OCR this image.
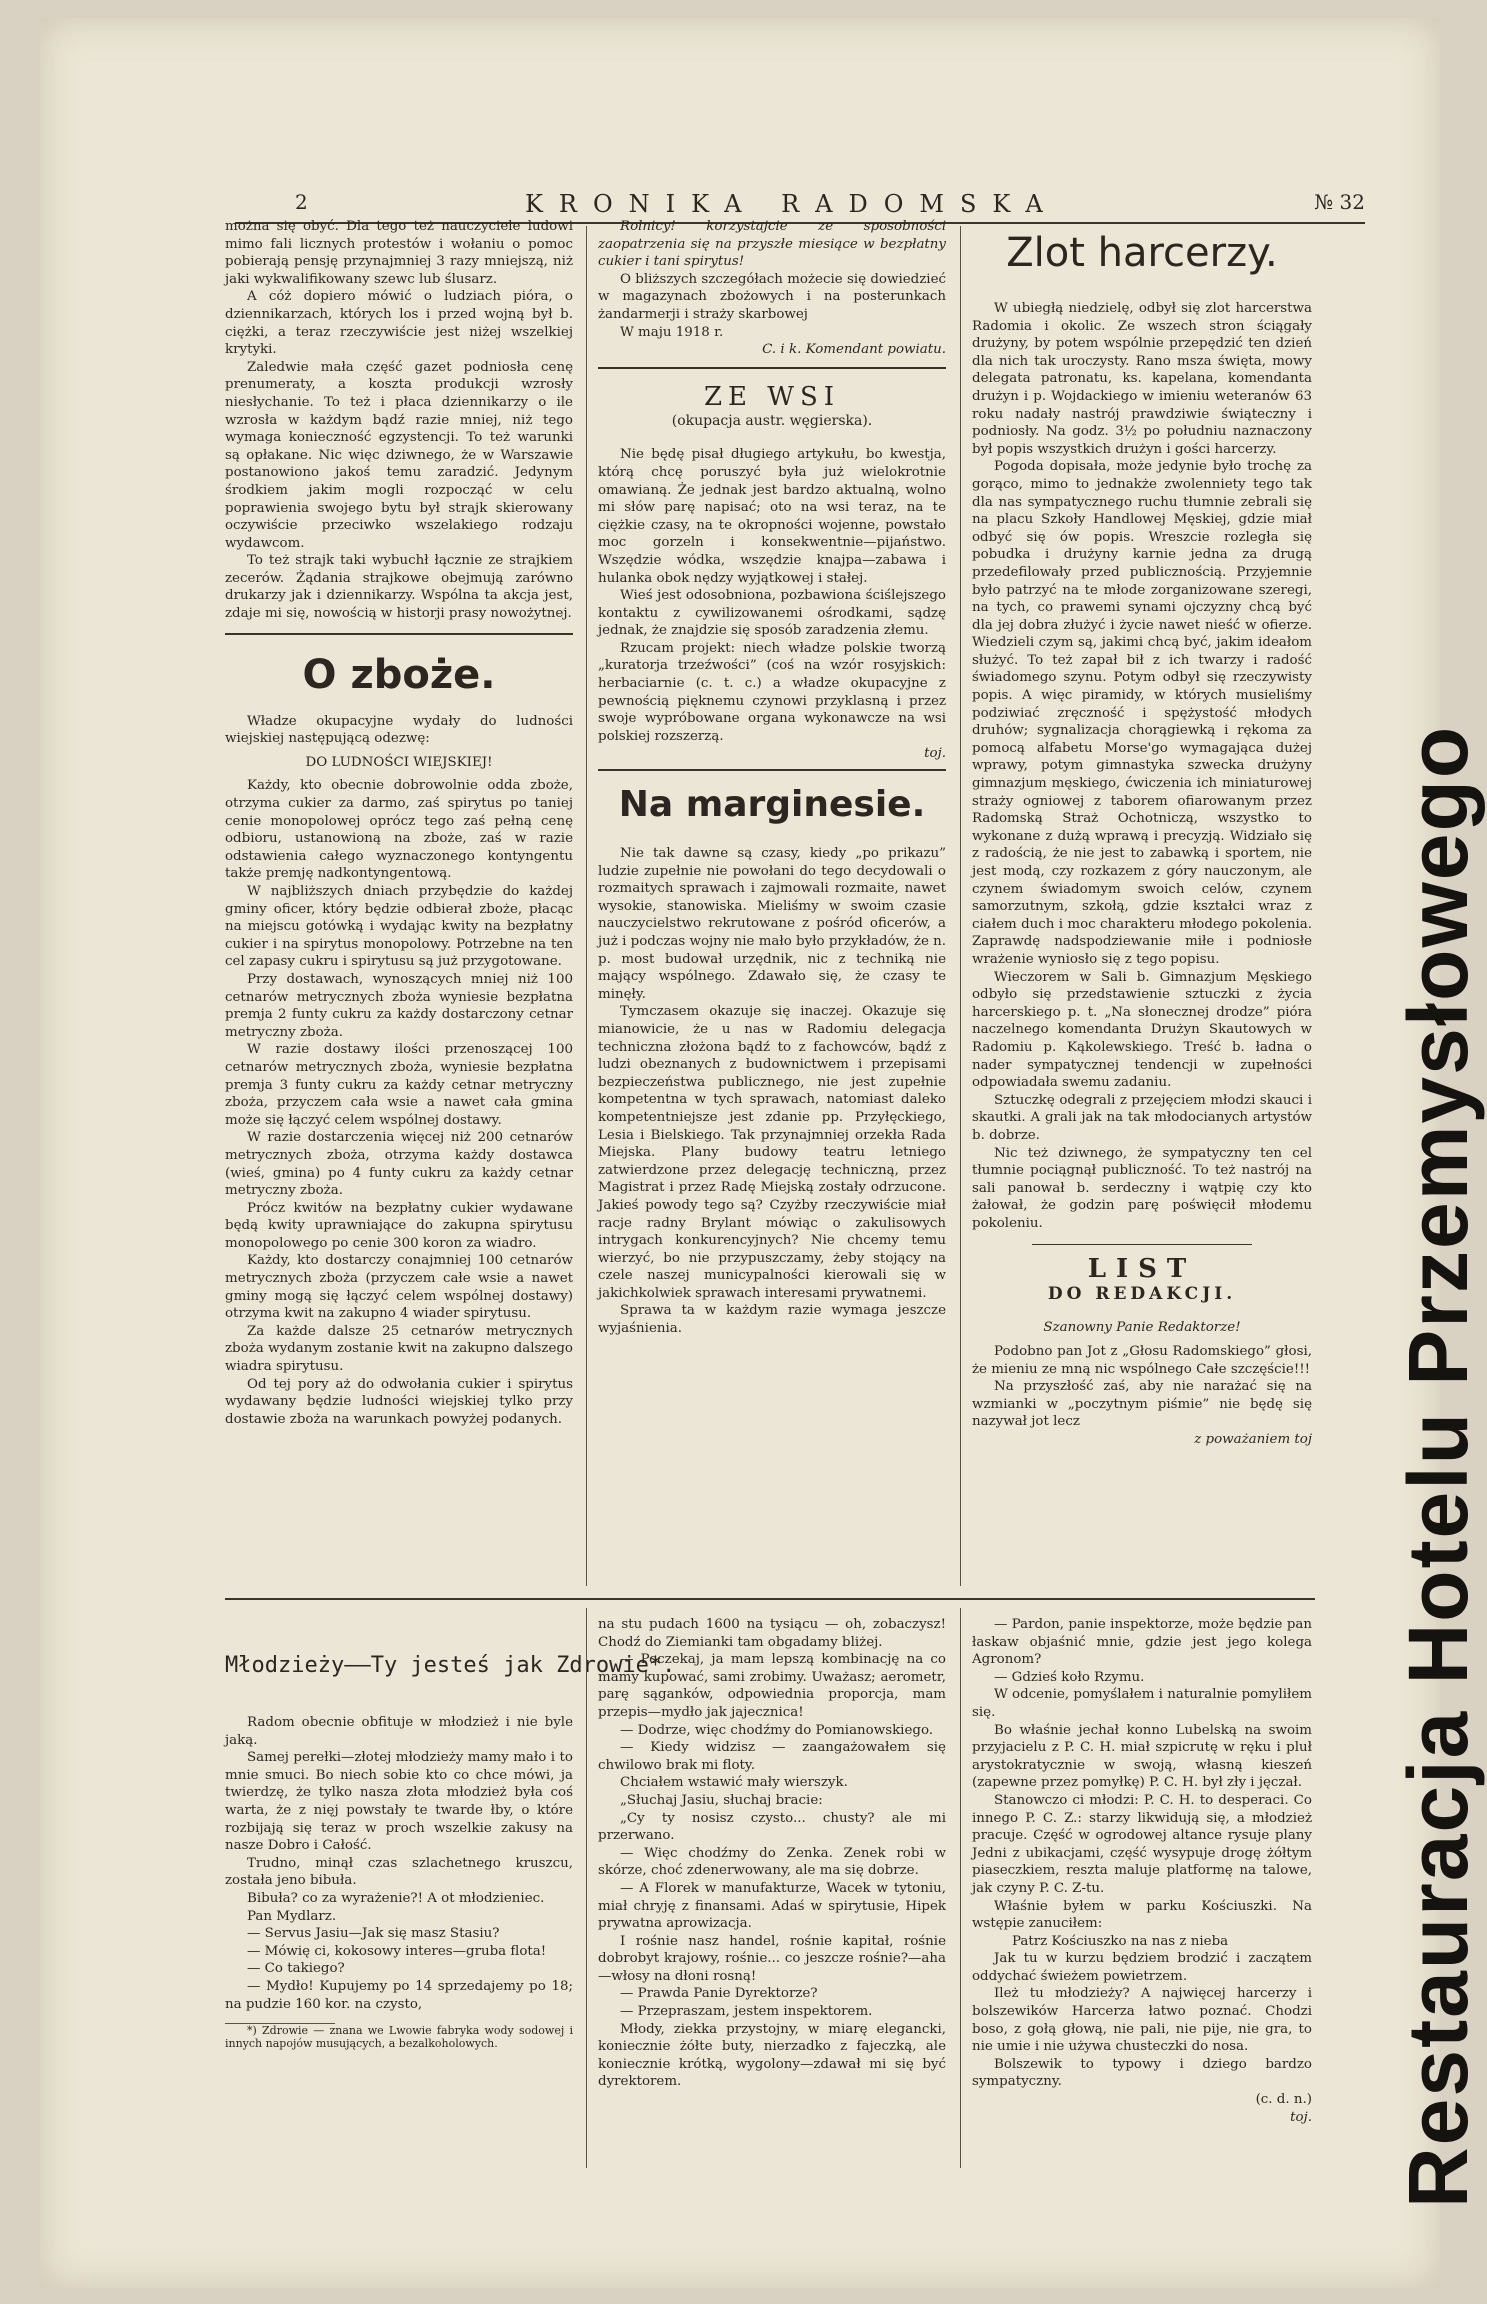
Restauracja Hotelu Przemysłowego
2	KRONIKA RADOMSKA	№ 32

można się obyć. Dla tego też nauczyciele ludowi mimo fali licznych protestów i wołaniu o pomoc pobierają pensję przynajmniej 3 razy mniejszą, niż jaki wykwalifikowany szewc lub ślusarz.

A cóż dopiero mówić o ludziach pióra, o dziennikarzach, których los i przed wojną był b. ciężki, a teraz rzeczywiście jest niżej wszelkiej krytyki.

Zaledwie mała część gazet podniosła cenę prenumeraty, a koszta produkcji wzrosły niesłychanie. To też i płaca dziennikarzy o ile wzrosła w każdym bądź razie mniej, niż tego wymaga konieczność egzystencji. To też warunki są opłakane. Nic więc dziwnego, że w Warszawie postanowiono jakoś temu zaradzić. Jedynym środkiem jakim mogli rozpocząć w celu poprawienia swojego bytu był strajk skierowany oczywiście przeciwko wszelakiego rodzaju wydawcom.

To też strajk taki wybuchł łącznie ze strajkiem zecerów. Żądania strajkowe obejmują zarówno drukarzy jak i dziennikarzy. Wspólna ta akcja jest, zdaje mi się, nowością w historji prasy nowożytnej.

O zboże.

Władze okupacyjne wydały do ludności wiejskiej następującą odezwę:

DO LUDNOŚCI WIEJSKIEJ!

Każdy, kto obecnie dobrowolnie odda zboże, otrzyma cukier za darmo, zaś spirytus po taniej cenie monopolowej oprócz tego zaś pełną cenę odbioru, ustanowioną na zboże, zaś w razie odstawienia całego wyznaczonego kontyngentu także premję nadkontyngentową.

W najbliższych dniach przybędzie do każdej gminy oficer, który będzie odbierał zboże, płacąc na miejscu gotówką i wydając kwity na bezpłatny cukier i na spirytus monopolowy. Potrzebne na ten cel zapasy cukru i spirytusu są już przygotowane.

Przy dostawach, wynoszących mniej niż 100 cetnarów metrycznych zboża wyniesie bezpłatna premja 2 funty cukru za każdy dostarczony cetnar metryczny zboża.

W razie dostawy ilości przenoszącej 100 cetnarów metrycznych zboża, wyniesie bezpłatna premja 3 funty cukru za każdy cetnar metryczny zboża, przyczem cała wsie a nawet cała gmina może się łączyć celem wspólnej dostawy.

W razie dostarczenia więcej niż 200 cetnarów metrycznych zboża, otrzyma każdy dostawca (wieś, gmina) po 4 funty cukru za każdy cetnar metryczny zboża.

Prócz kwitów na bezpłatny cukier wydawane będą kwity uprawniające do zakupna spirytusu monopolowego po cenie 300 koron za wiadro.

Każdy, kto dostarczy conajmniej 100 cetnarów metrycznych zboża (przyczem całe wsie a nawet gminy mogą się łączyć celem wspólnej dostawy) otrzyma kwit na zakupno 4 wiader spirytusu.

Za każde dalsze 25 cetnarów metrycznych zboża wydanym zostanie kwit na zakupno dalszego wiadra spirytusu.

Od tej pory aż do odwołania cukier i spirytus wydawany będzie ludności wiejskiej tylko przy dostawie zboża na warunkach powyżej podanych.

Rolnicy! korzystajcie ze sposobności zaopatrzenia się na przyszłe miesiące w bezpłatny cukier i tani spirytus!

O bliższych szczegółach możecie się dowiedzieć w magazynach zbożowych i na posterunkach żandarmerji i straży skarbowej

W maju 1918 r.

C. i k. Komendant powiatu.

ZE WSI

(okupacja austr. węgierska).

Nie będę pisał długiego artykułu, bo kwestja, którą chcę poruszyć była już wielokrotnie omawianą. Że jednak jest bardzo aktualną, wolno mi słów parę napisać; oto na wsi teraz, na te ciężkie czasy, na te okropności wojenne, powstało moc gorzeln i konsekwentnie—pijaństwo. Wszędzie wódka, wszędzie knajpa—zabawa i hulanka obok nędzy wyjątkowej i stałej.

Wieś jest odosobniona, pozbawiona ściślejszego kontaktu z cywilizowanemi ośrodkami, sądzę jednak, że znajdzie się sposób zaradzenia złemu.

Rzucam projekt: niech władze polskie tworzą „kuratorja trzeźwości” (coś na wzór rosyjskich: herbaciarnie (c. t. c.) a władze okupacyjne z pewnością pięknemu czynowi przyklasną i przez swoje wypróbowane organa wykonawcze na wsi polskiej rozszerzą.

toj.

Na marginesie.

Nie tak dawne są czasy, kiedy „po prikazu” ludzie zupełnie nie powołani do tego decydowali o rozmaitych sprawach i zajmowali rozmaite, nawet wysokie, stanowiska. Mieliśmy w swoim czasie nauczycielstwo rekrutowane z pośród oficerów, a już i podczas wojny nie mało było przykładów, że n. p. most budował urzędnik, nic z techniką nie mający wspólnego. Zdawało się, że czasy te minęły.

Tymczasem okazuje się inaczej. Okazuje się mianowicie, że u nas w Radomiu delegacja techniczna złożona bądź to z fachowców, bądź z ludzi obeznanych z budownictwem i przepisami bezpieczeństwa publicznego, nie jest zupełnie kompetentna w tych sprawach, natomiast daleko kompetentniejsze jest zdanie pp. Przyłęckiego, Lesia i Bielskiego. Tak przynajmniej orzekła Rada Miejska. Plany budowy teatru letniego zatwierdzone przez delegację techniczną, przez Magistrat i przez Radę Miejską zostały odrzucone. Jakieś powody tego są? Czyżby rzeczywiście miał racje radny Brylant mówiąc o zakulisowych intrygach konkurencyjnych? Nie chcemy temu wierzyć, bo nie przypuszczamy, żeby stojący na czele naszej municypalności kierowali się w jakichkolwiek sprawach interesami prywatnemi.

Sprawa ta w każdym razie wymaga jeszcze wyjaśnienia.

Zlot harcerzy.

W ubiegłą niedzielę, odbył się zlot harcerstwa Radomia i okolic. Ze wszech stron ściągały drużyny, by potem wspólnie przepędzić ten dzień dla nich tak uroczysty. Rano msza święta, mowy delegata patronatu, ks. kapelana, komendanta drużyn i p. Wojdackiego w imieniu weteranów 63 roku nadały nastrój prawdziwie świąteczny i podniosły. Na godz. 3½ po południu naznaczony był popis wszystkich drużyn i gości harcerzy.

Pogoda dopisała, może jedynie było trochę za gorąco, mimo to jednakże zwolenniety tego tak dla nas sympatycznego ruchu tłumnie zebrali się na placu Szkoły Handlowej Męskiej, gdzie miał odbyć się ów popis. Wreszcie rozległa się pobudka i drużyny karnie jedna za drugą przedefilowały przed publicznością. Przyjemnie było patrzyć na te młode zorganizowane szeregi, na tych, co prawemi synami ojczyzny chcą być dla jej dobra złużyć i życie nawet nieść w ofierze. Wiedzieli czym są, jakimi chcą być, jakim ideałom służyć. To też zapał bił z ich twarzy i radość świadomego szynu. Potym odbył się rzeczywisty popis. A więc piramidy, w których musieliśmy podziwiać zręczność i spężystość młodych druhów; sygnalizacja chorągiewką i rękoma za pomocą alfabetu Morse'go wymagająca dużej wprawy, potym gimnastyka szwecka drużyny gimnazjum męskiego, ćwiczenia ich miniaturowej straży ogniowej z taborem ofiarowanym przez Radomską Straż Ochotniczą, wszystko to wykonane z dużą wprawą i precyzją. Widziało się z radością, że nie jest to zabawką i sportem, nie jest modą, czy rozkazem z góry nauczonym, ale czynem świadomym swoich celów, czynem samorzutnym, szkołą, gdzie kształci wraz z ciałem duch i moc charakteru młodego pokolenia. Zaprawdę nadspodziewanie miłe i podniosłe wrażenie wyniosło się z tego popisu.

Wieczorem w Sali b. Gimnazjum Męskiego odbyło się przedstawienie sztuczki z życia harcerskiego p. t. „Na słonecznej drodze” pióra naczelnego komendanta Drużyn Skautowych w Radomiu p. Kąkolewskiego. Treść b. ładna o nader sympatycznej tendencji w zupełności odpowiadała swemu zadaniu.

Sztuczkę odegrali z przejęciem młodzi skauci i skautki. A grali jak na tak młodocianych artystów b. dobrze.

Nic też dziwnego, że sympatyczny ten cel tłumnie pociągnął publiczność. To też nastrój na sali panował b. serdeczny i wątpię czy kto żałował, że godzin parę poświęcił młodemu pokoleniu.

LIST
DO REDAKCJI.

Szanowny Panie Redaktorze!

Podobno pan Jot z „Głosu Radomskiego” głosi, że mieniu ze mną nic wspólnego Całe szczęście!!!

Na przyszłość zaś, aby nie narażać się na wzmianki w „poczytnym piśmie” nie będę się nazywał jot lecz

z poważaniem toj

Młodzieży——Ty jesteś jak Zdrowie*.

Radom obecnie obfituje w młodzież i nie byle jaką.

Samej perełki—złotej młodzieży mamy mało i to mnie smuci. Bo niech sobie kto co chce mówi, ja twierdzę, że tylko nasza złota młodzież była coś warta, że z nięj powstały te twarde łby, o które rozbijają się teraz w proch wszelkie zakusy na nasze Dobro i Całość.

Trudno, minął czas szlachetnego kruszcu, została jeno bibuła.

Bibuła? co za wyrażenie?! A ot młodzieniec.

Pan Mydlarz.

— Servus Jasiu—Jak się masz Stasiu?

— Mówię ci, kokosowy interes—gruba flota!

— Co takiego?

— Mydło! Kupujemy po 14 sprzedajemy po 18; na pudzie 160 kor. na czysto,

*) Zdrowie — znana we Lwowie fabryka wody sodowej i innych napojów musujących, a bezalkoholowych.

na stu pudach 1600 na tysiącu — oh, zobaczysz! Chodź do Ziemianki tam obgadamy bliżej.

— Poczekaj, ja mam lepszą kombinację na co mamy kupować, sami zrobimy. Uważasz; aerometr, parę sąganków, odpowiednia proporcja, mam przepis—mydło jak jajecznica!

— Dodrze, więc chodźmy do Pomianowskiego.

— Kiedy widzisz — zaangażowałem się chwilowo brak mi floty.

Chciałem wstawić mały wierszyk.

„Słuchaj Jasiu, słuchaj bracie:

„Cy ty nosisz czysto... chusty? ale mi przerwano.

— Więc chodźmy do Zenka. Zenek robi w skórze, choć zdenerwowany, ale ma się dobrze.

— A Florek w manufakturze, Wacek w tytoniu, miał chryję z finansami. Adaś w spirytusie, Hipek prywatna aprowizacja.

I rośnie nasz handel, rośnie kapitał, rośnie dobrobyt krajowy, rośnie... co jeszcze rośnie?—aha—włosy na dłoni rosną!

— Prawda Panie Dyrektorze?

— Przepraszam, jestem inspektorem.

Młody, ziekka przystojny, w miarę elegancki, koniecznie żółte buty, nierzadko z fajeczką, ale koniecznie krótką, wygolony—zdawał mi się być dyrektorem.

— Pardon, panie inspektorze, może będzie pan łaskaw objaśnić mnie, gdzie jest jego kolega Agronom?

— Gdzieś koło Rzymu.

W odcenie, pomyślałem i naturalnie pomyliłem się.

Bo właśnie jechał konno Lubelską na swoim przyjacielu z P. C. H. miał szpicrutę w ręku i pluł arystokratycznie w swoją, własną kieszeń (zapewne przez pomyłkę) P. C. H. był zły i jęczał.

Stanowczo ci młodzi: P. C. H. to desperaci. Co innego P. C. Z.: starzy likwidują się, a młodzież pracuje. Część w ogrodowej altance rysuje plany Jedni z ubikacjami, część wysypuje drogę żółtym piaseczkiem, reszta maluje platformę na talowe, jak czyny P. C. Z-tu.

Właśnie byłem w parku Kościuszki. Na wstępie zanuciłem:

Patrz Kościuszko na nas z nieba

Jak tu w kurzu będziem brodzić i zaczątem oddychać świeżem powietrzem.

Ileż tu młodzieży? A najwięcej harcerzy i bolszewików Harcerza łatwo poznać. Chodzi boso, z gołą głową, nie pali, nie pije, nie gra, to nie umie i nie używa chusteczki do nosa.

Bolszewik to typowy i dziego bardzo sympatyczny.

(c. d. n.)

toj.
